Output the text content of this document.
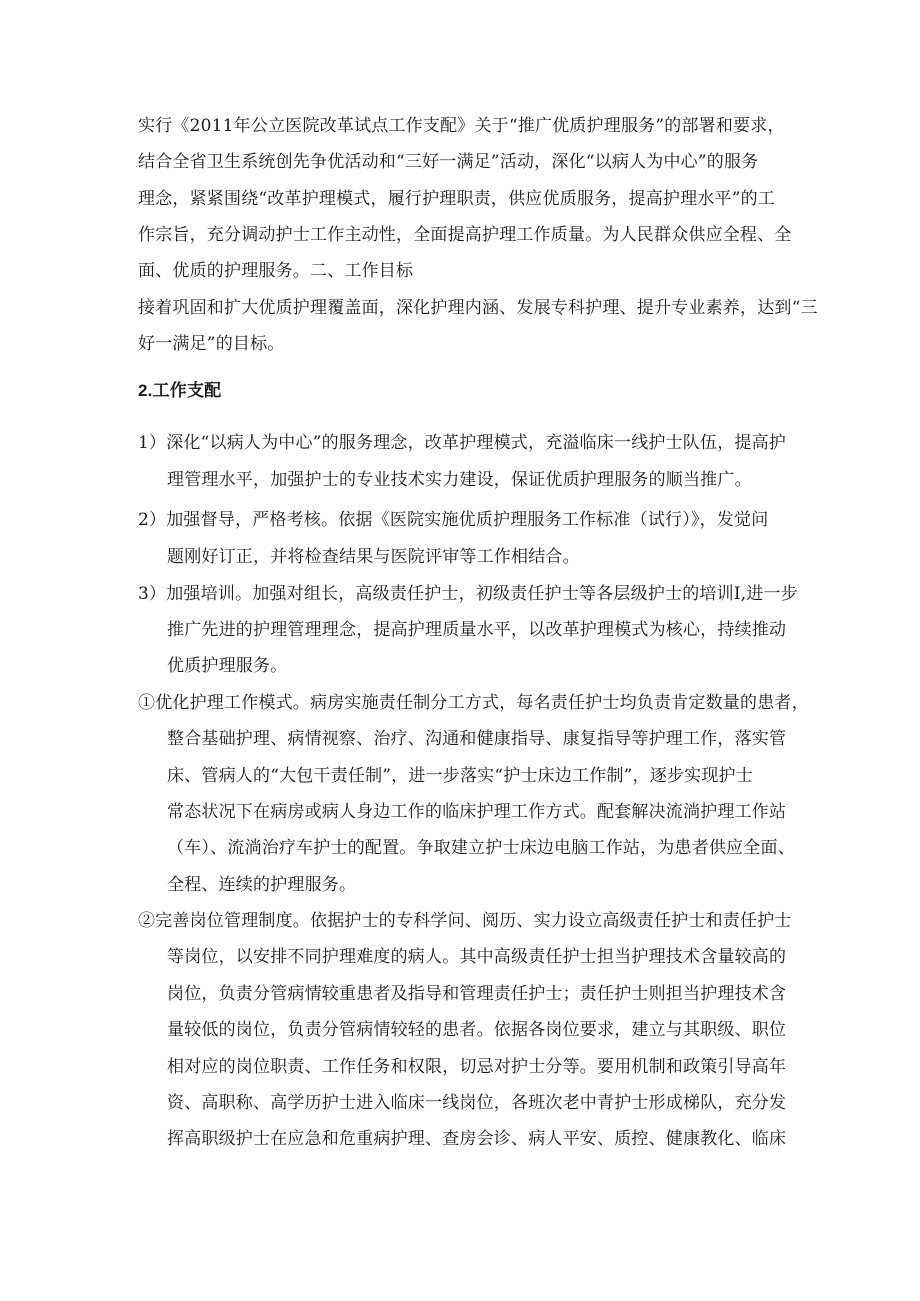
实行《2011年公立医院改革试点工作支配》关于“推广优质护理服务”的部署和要求，
结合全省卫生系统创先争优活动和“三好一满足”活动，深化“以病人为中心”的服务
理念，紧紧围绕“改革护理模式，履行护理职责，供应优质服务，提高护理水平”的工
作宗旨，充分调动护士工作主动性，全面提高护理工作质量。为人民群众供应全程、全
面、优质的护理服务。二、工作目标
接着巩固和扩大优质护理覆盖面，深化护理内涵、发展专科护理、提升专业素养，达到“三
好一满足”的目标。
2.工作支配
1）深化“以病人为中心”的服务理念，改革护理模式，充溢临床一线护士队伍，提高护
理管理水平，加强护士的专业技术实力建设，保证优质护理服务的顺当推广。
2）加强督导，严格考核。依据《医院实施优质护理服务工作标准（试行）》，发觉问
题刚好订正，并将检查结果与医院评审等工作相结合。
3）加强培训。加强对组长，高级责任护士，初级责任护士等各层级护士的培训Ⅰ,进一步
推广先进的护理管理理念，提高护理质量水平，以改革护理模式为核心，持续推动
优质护理服务。
①优化护理工作模式。病房实施责任制分工方式，每名责任护士均负责肯定数量的患者，
整合基础护理、病情视察、治疗、沟通和健康指导、康复指导等护理工作，落实管
床、管病人的“大包干责任制”，进一步落实“护士床边工作制”，逐步实现护士
常态状况下在病房或病人身边工作的临床护理工作方式。配套解决流淌护理工作站
（车）、流淌治疗车护士的配置。争取建立护士床边电脑工作站，为患者供应全面、
全程、连续的护理服务。
②完善岗位管理制度。依据护士的专科学问、阅历、实力设立高级责任护士和责任护士
等岗位，以安排不同护理难度的病人。其中高级责任护士担当护理技术含量较高的
岗位，负责分管病情较重患者及指导和管理责任护士；责任护士则担当护理技术含
量较低的岗位，负责分管病情较轻的患者。依据各岗位要求，建立与其职级、职位
相对应的岗位职责、工作任务和权限，切忌对护士分等。要用机制和政策引导高年
资、高职称、高学历护士进入临床一线岗位，各班次老中青护士形成梯队，充分发
挥高职级护士在应急和危重病护理、查房会诊、病人平安、质控、健康教化、临床
